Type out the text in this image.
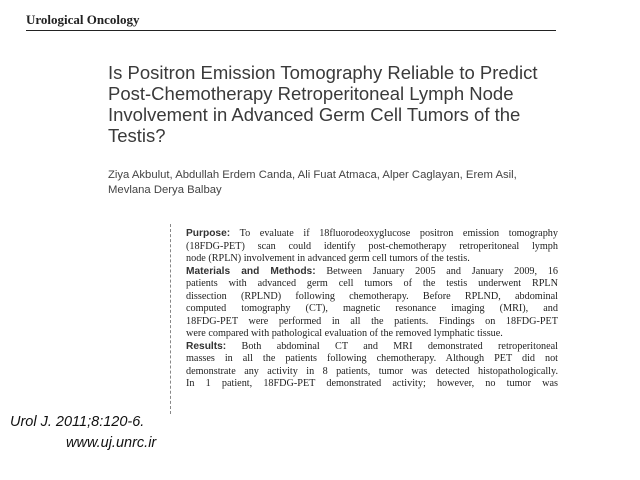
Urological Oncology
Is Positron Emission Tomography Reliable to Predict
Post-Chemotherapy Retroperitoneal Lymph Node
Involvement in Advanced Germ Cell Tumors of the
Testis?
Ziya Akbulut, Abdullah Erdem Canda, Ali Fuat Atmaca, Alper Caglayan, Erem Asil,
Mevlana Derya Balbay
Purpose: To evaluate if 18fluorodeoxyglucose positron emission tomography
(18FDG-PET) scan could identify post-chemotherapy retroperitoneal lymph
node (RPLN) involvement in advanced germ cell tumors of the testis.
Materials and Methods: Between January 2005 and January 2009, 16
patients with advanced germ cell tumors of the testis underwent RPLN
dissection (RPLND) following chemotherapy. Before RPLND, abdominal
computed tomography (CT), magnetic resonance imaging (MRI), and
18FDG-PET were performed in all the patients. Findings on 18FDG-PET
were compared with pathological evaluation of the removed lymphatic tissue.
Results: Both abdominal CT and MRI demonstrated retroperitoneal
masses in all the patients following chemotherapy. Although PET did not
demonstrate any activity in 8 patients, tumor was detected histopathologically.
In 1 patient, 18FDG-PET demonstrated activity; however, no tumor was
Urol J. 2011;8:120-6.
www.uj.unrc.ir
